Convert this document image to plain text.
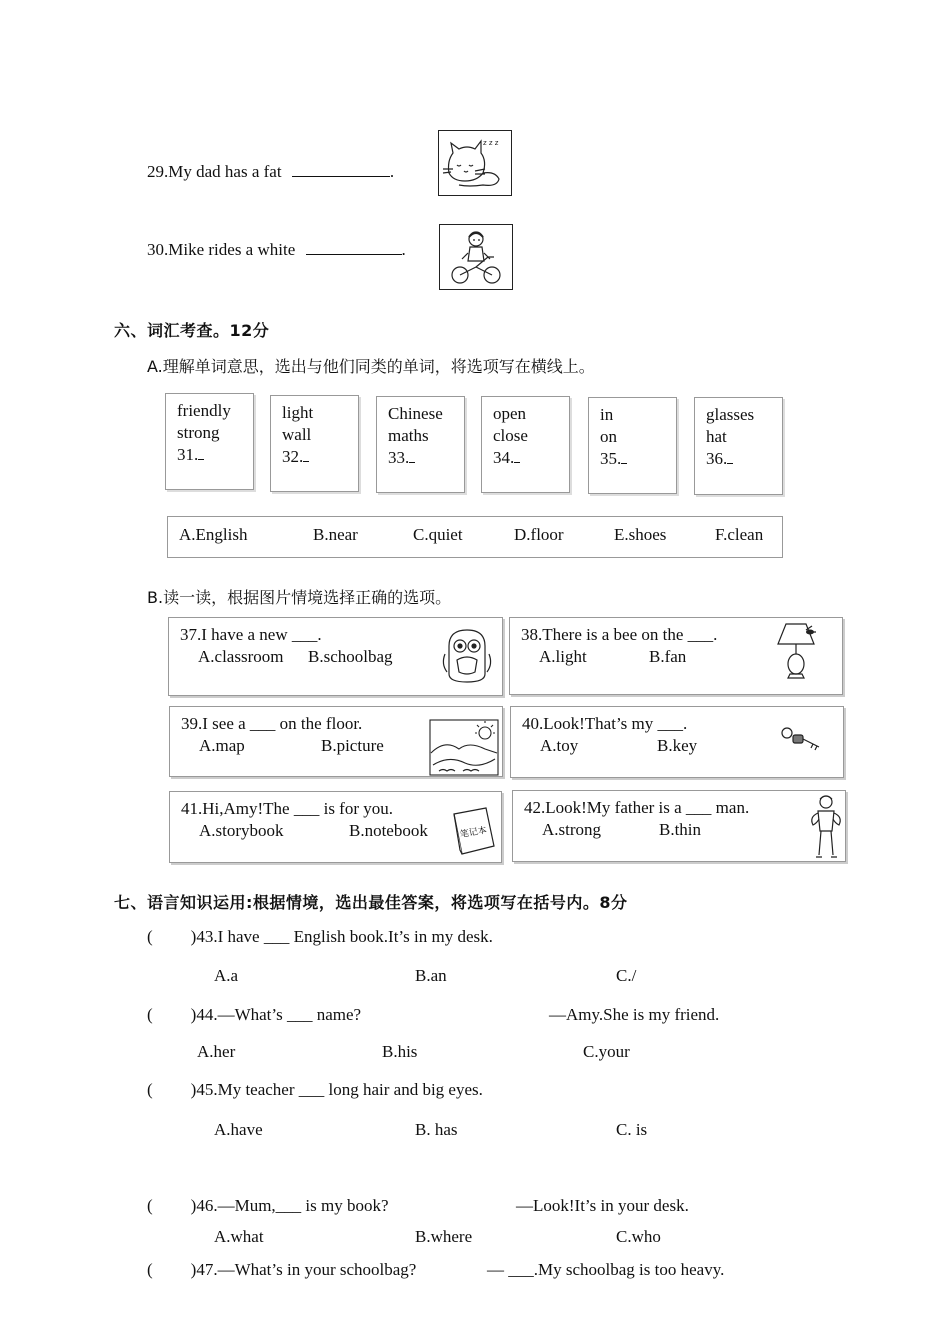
29.My dad has a fat	.
z z z
30.Mike rides a white	.
六、词汇考查。12分
A.理解单词意思，选出与他们同类的单词，将选项写在横线上。
friendly
strong
31.
light
wall
32.
Chinese
maths
33.
open
close
34.
in
on
35.
glasses
hat
36.
A.English	B.near	C.quiet	D.floor	E.shoes	F.clean
B.读一读，根据图片情境选择正确的选项。
37.I have a new ___.
A.classroom B.schoolbag
38.There is a bee on the ___.
A.light	B.fan
39.I see a ___ on the floor.
A.map	B.picture
40.Look!That’s my ___.
A.toy	B.key
41.Hi,Amy!The ___ is for you.
A.storybook	B.notebook	笔记本
42.Look!My father is a ___ man.
A.strong	B.thin
七、语言知识运用:根据情境，选出最佳答案，将选项写在括号内。8分
( )43.I have ___ English book.It’s in my desk.
A.a	B.an	C./
( )44.—What’s ___ name?	—Amy.She is my friend.
A.her	B.his	C.your
( )45.My teacher ___ long hair and big eyes.
A.have	B. has	C. is
( )46.—Mum,___ is my book?	—Look!It’s in your desk.
A.what	B.where	C.who
( )47.—What’s in your schoolbag?	— ___.My schoolbag is too heavy.
